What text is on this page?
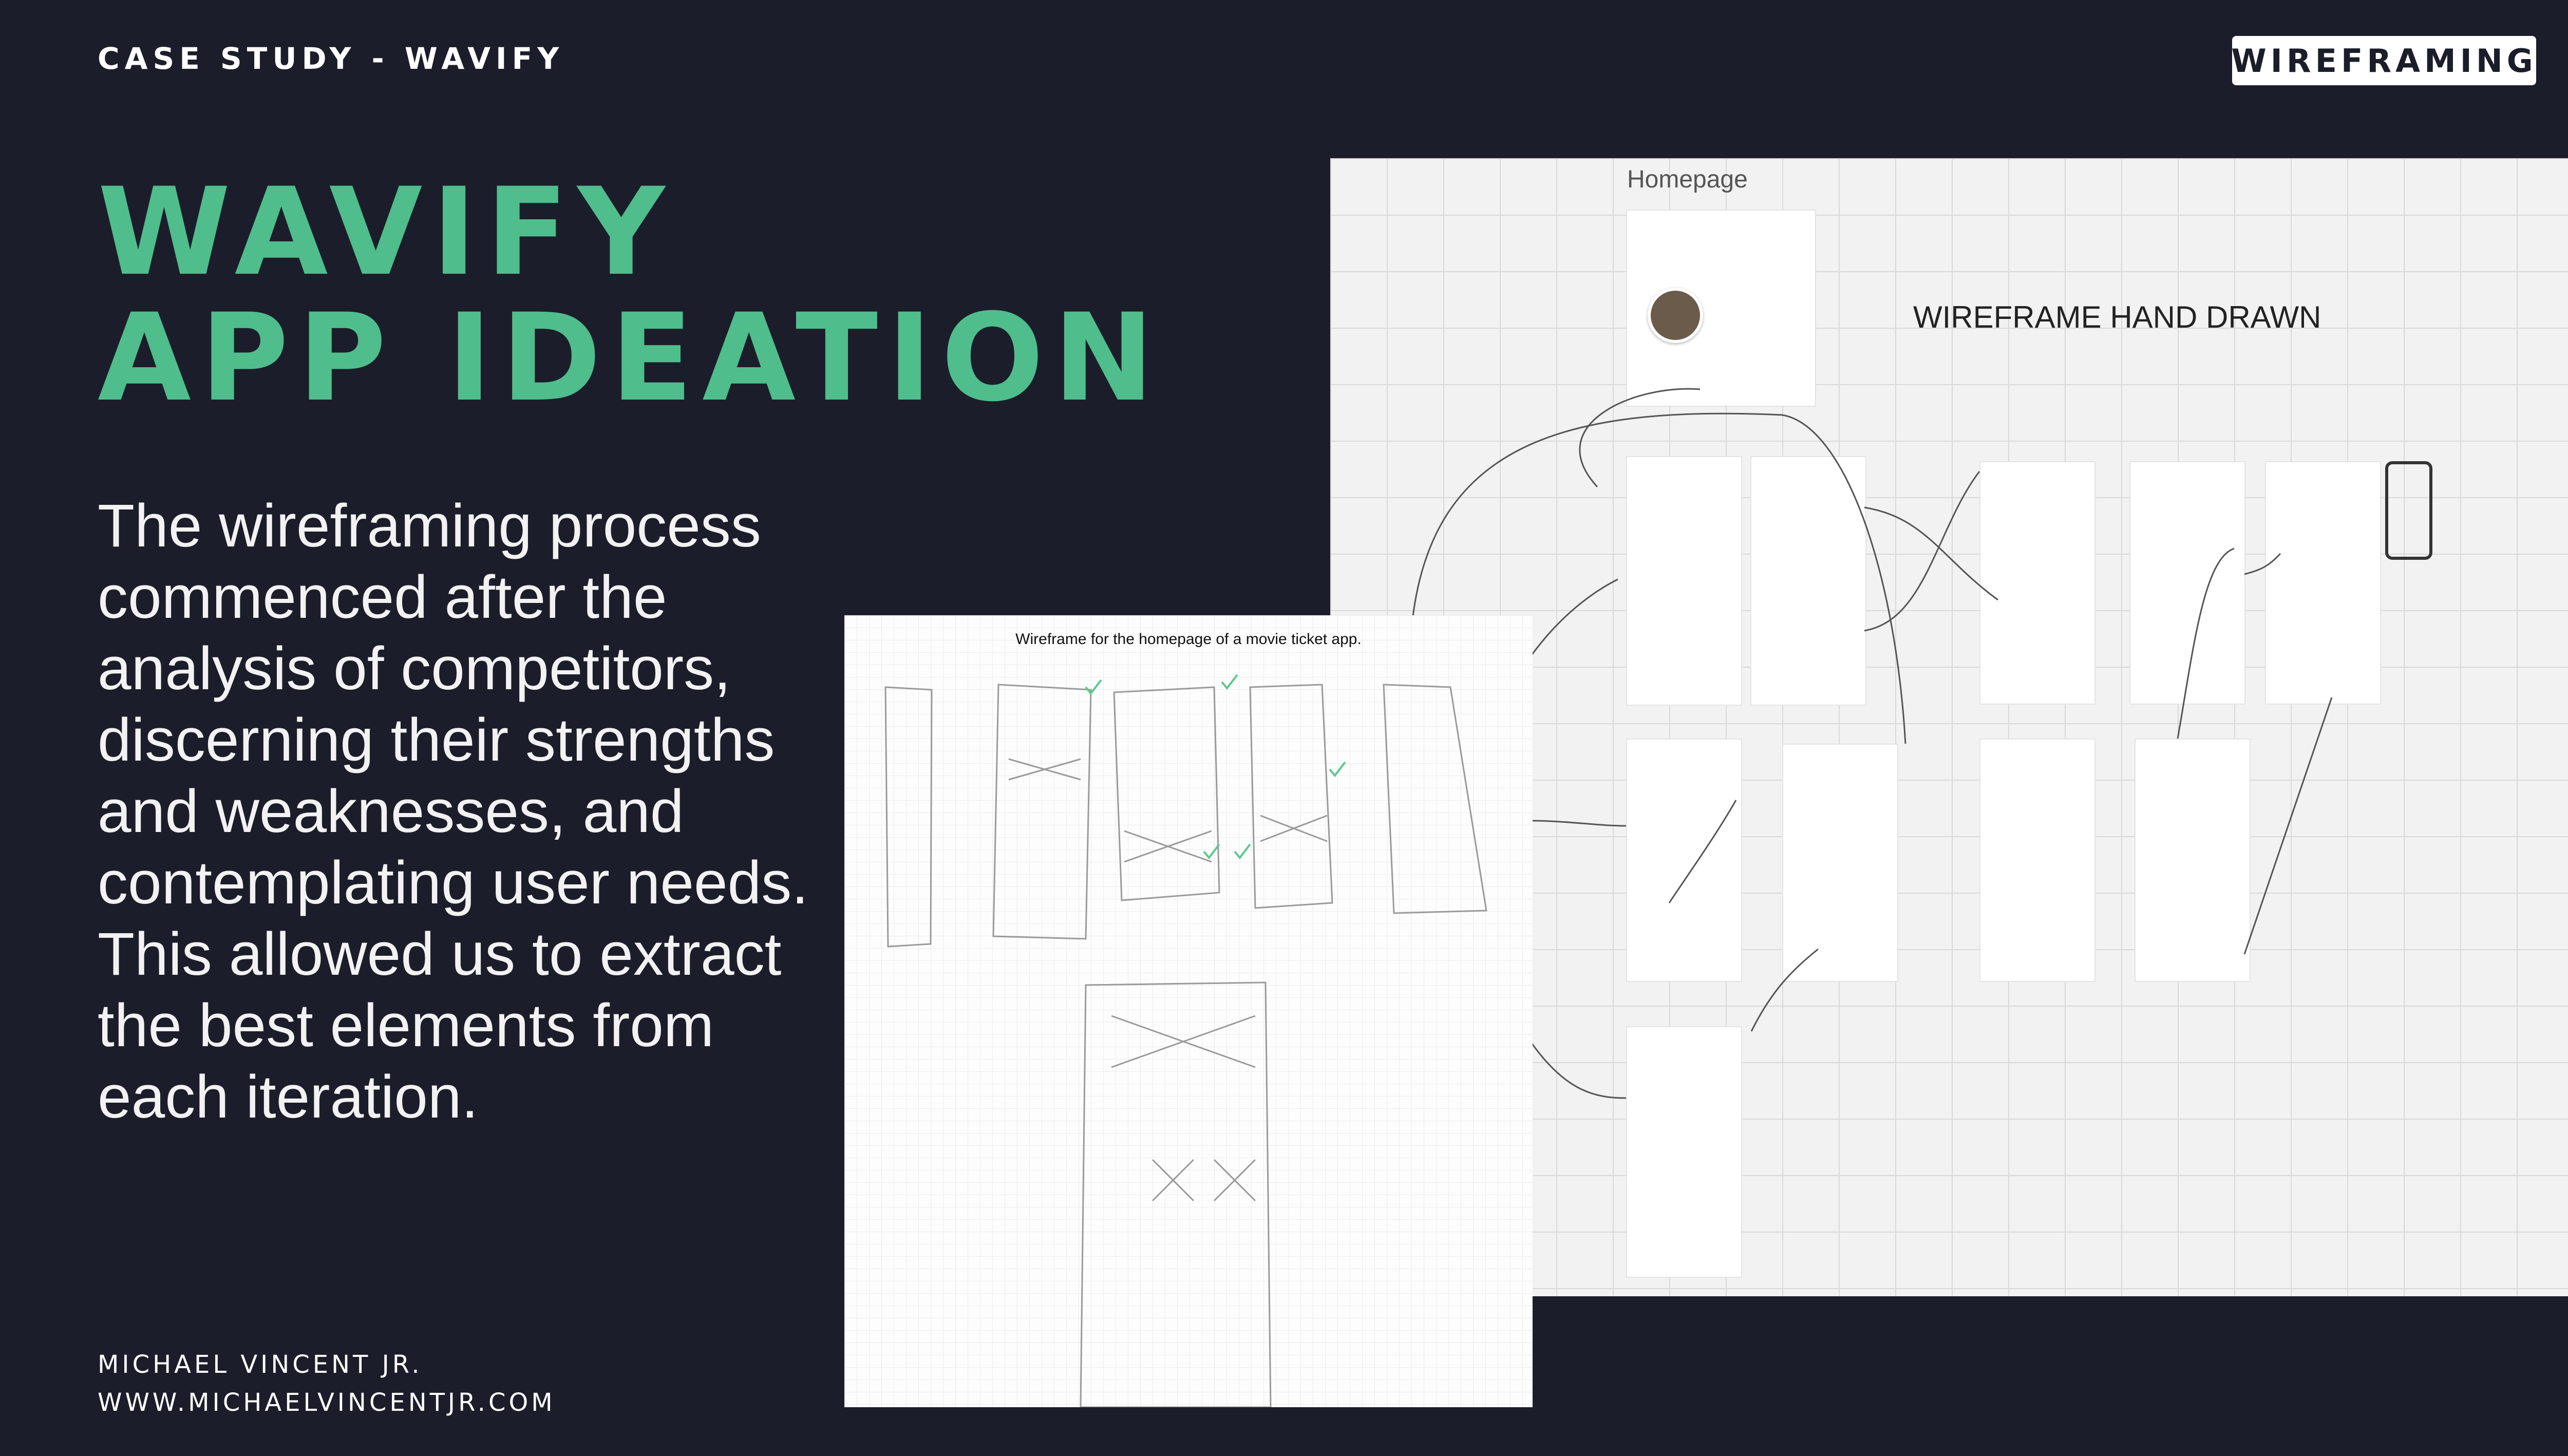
CASE STUDY - WAVIFY	WIREFRAMING
WAVIFY
APP IDEATION
The wireframing process commenced after the analysis of competitors, discerning their strengths and weaknesses, and contemplating user needs. This allowed us to extract the best elements from each iteration.
MICHAEL VINCENT JR.
WWW.MICHAELVINCENTJR.COM
Homepage
WIREFRAME HAND DRAWN
Wireframe for the homepage of a movie ticket app.
